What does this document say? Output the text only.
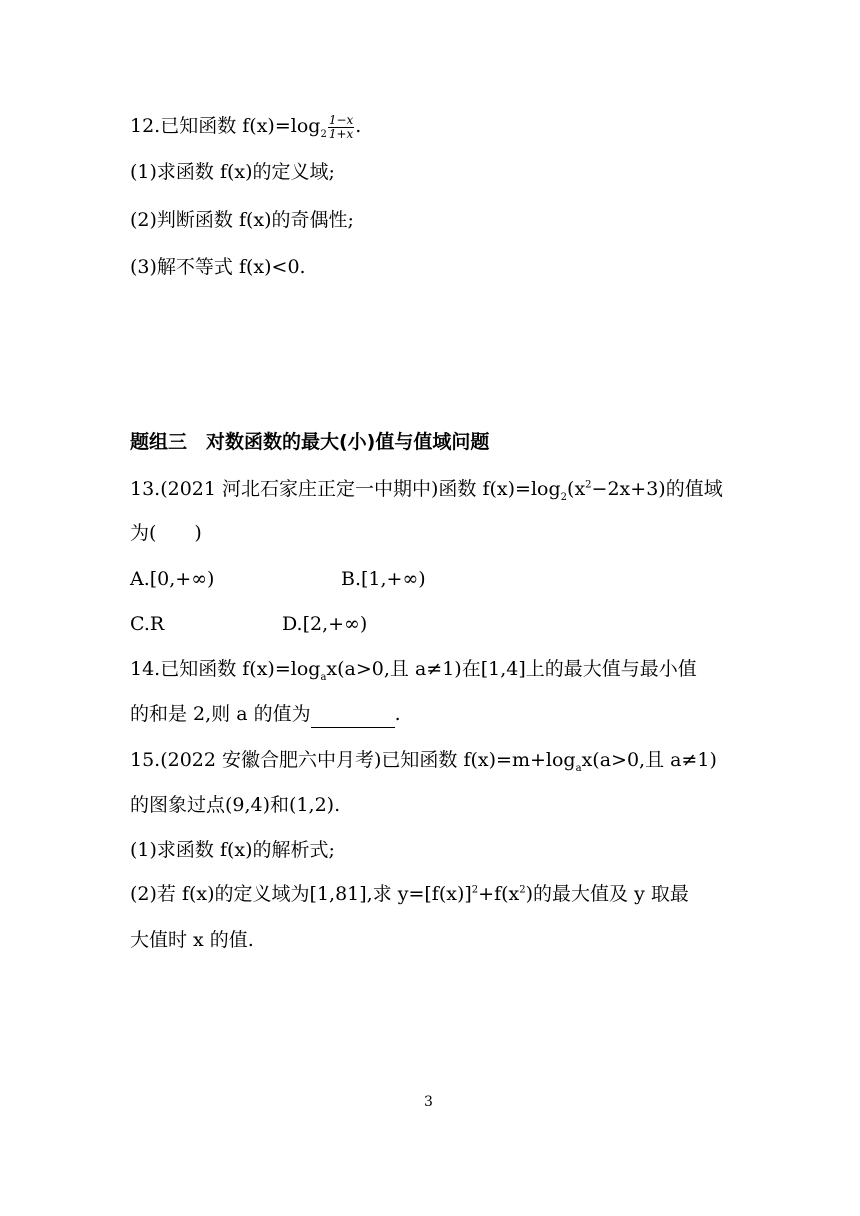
12.已知函数 $f(x)=\log_2 \frac{1-x}{1+x}$ .
(1)求函数 f(x)的定义域;
(2)判断函数 f(x)的奇偶性;
(3)解不等式 f(x)<0.
题组三　对数函数的最大(小)值与值域问题
13.(2021 河北石家庄正定一中期中)函数 $f(x)=\log_2(x^2-2x+3)$的值域
为(　　)
A.[0,+∞)	B.[1,+∞)
C.R	D.[2,+∞)
14.已知函数 $f(x)=\log_ax(a>0$,且 a≠1)在[1,4]上的最大值与最小值
的和是 2,则 a 的值为	.
15.(2022 安徽合肥六中月考)已知函数 $f(x)=m+\log_ax(a>0$,且 a≠1)
的图象过点(9,4)和(1,2).
(1)求函数 f(x)的解析式;
(2)若 f(x)的定义域为[1,81],求 $y=[f(x)]^2+f(x^2)$的最大值及 y 取最
大值时 x 的值.
3
